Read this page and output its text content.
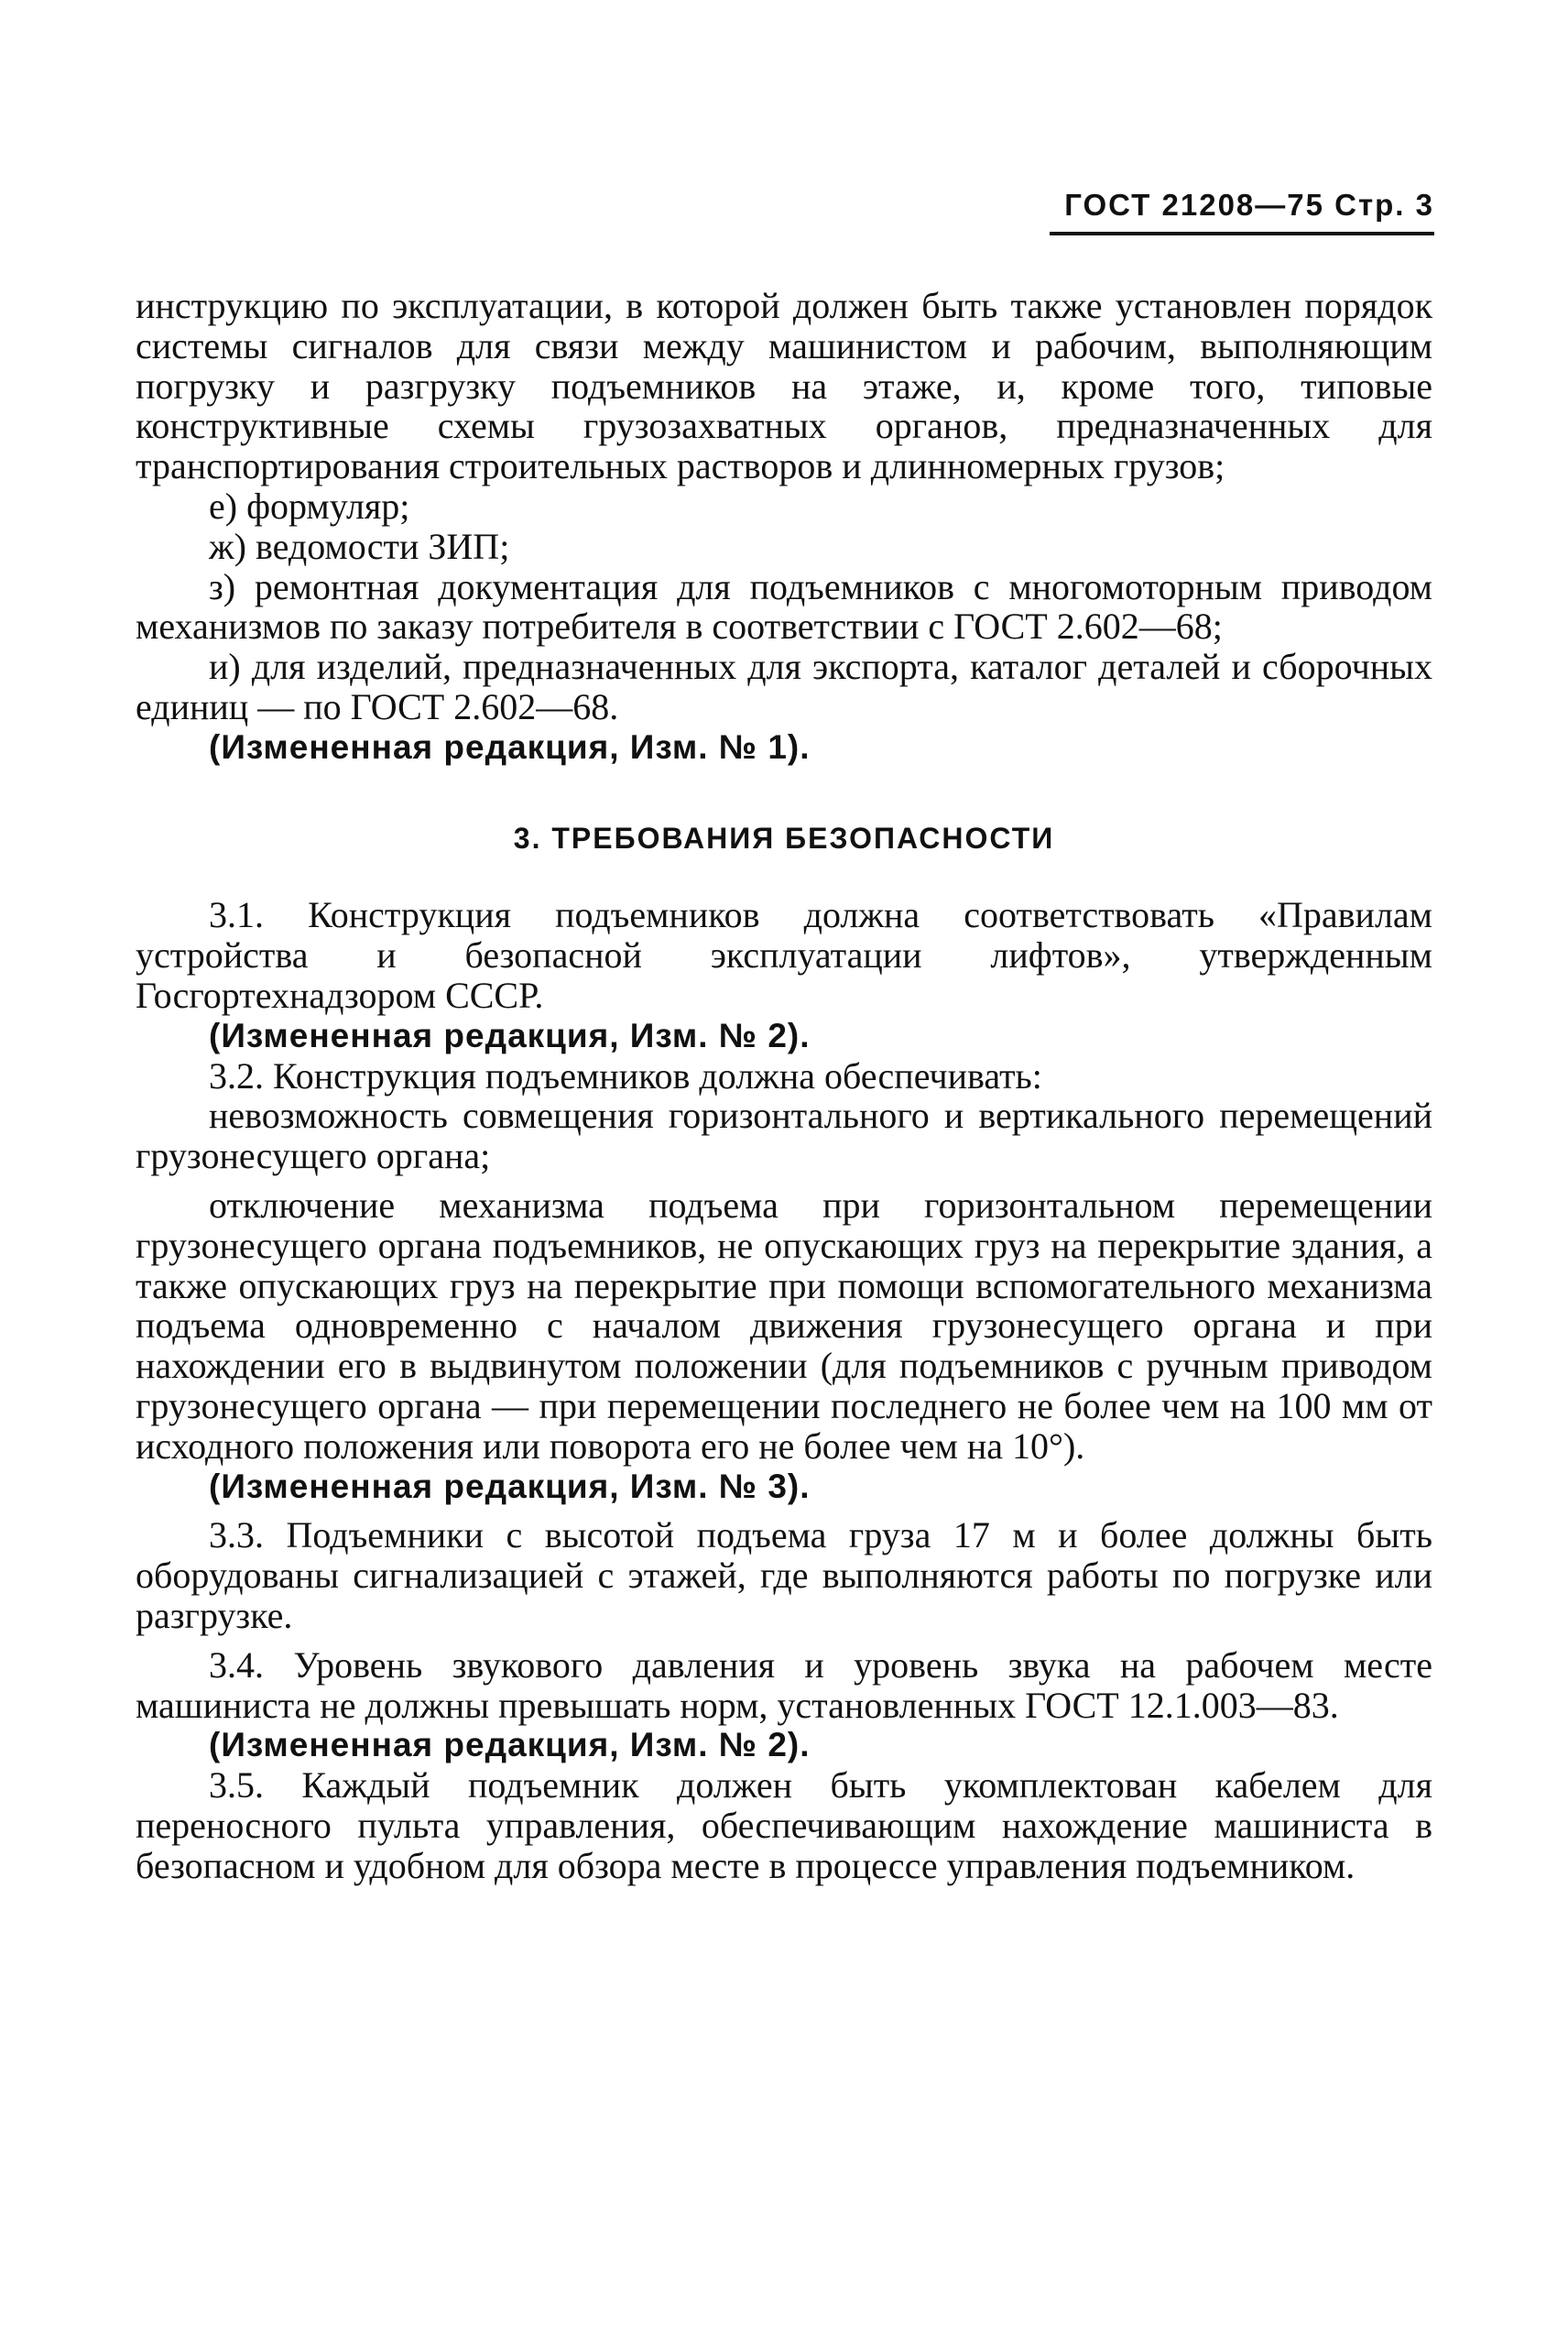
ГОСТ 21208—75 Стр. 3

инструкцию по эксплуатации, в которой должен быть также установлен порядок системы сигналов для связи между машинистом и рабочим, выполняющим погрузку и разгрузку подъемников на этаже, и, кроме того, типовые конструктивные схемы грузозахватных органов, предназначенных для транспортирования строительных растворов и длинномерных грузов;

е) формуляр;

ж) ведомости ЗИП;

з) ремонтная документация для подъемников с многомоторным приводом механизмов по заказу потребителя в соответствии с ГОСТ 2.602—68;

и) для изделий, предназначенных для экспорта, каталог деталей и сборочных единиц — по ГОСТ 2.602—68.

(Измененная редакция, Изм. № 1).

3. ТРЕБОВАНИЯ БЕЗОПАСНОСТИ

3.1. Конструкция подъемников должна соответствовать «Правилам устройства и безопасной эксплуатации лифтов», утвержденным Госгортехнадзором СССР.

(Измененная редакция, Изм. № 2).

3.2. Конструкция подъемников должна обеспечивать:

невозможность совмещения горизонтального и вертикального перемещений грузонесущего органа;

отключение механизма подъема при горизонтальном перемещении грузонесущего органа подъемников, не опускающих груз на перекрытие здания, а также опускающих груз на перекрытие при помощи вспомогательного механизма подъема одновременно с началом движения грузонесущего органа и при нахождении его в выдвинутом положении (для подъемников с ручным приводом грузонесущего органа — при перемещении последнего не более чем на 100 мм от исходного положения или поворота его не более чем на 10°).

(Измененная редакция, Изм. № 3).

3.3. Подъемники с высотой подъема груза 17 м и более должны быть оборудованы сигнализацией с этажей, где выполняются работы по погрузке или разгрузке.

3.4. Уровень звукового давления и уровень звука на рабочем месте машиниста не должны превышать норм, установленных ГОСТ 12.1.003—83.

(Измененная редакция, Изм. № 2).

3.5. Каждый подъемник должен быть укомплектован кабелем для переносного пульта управления, обеспечивающим нахождение машиниста в безопасном и удобном для обзора месте в процессе управления подъемником.
